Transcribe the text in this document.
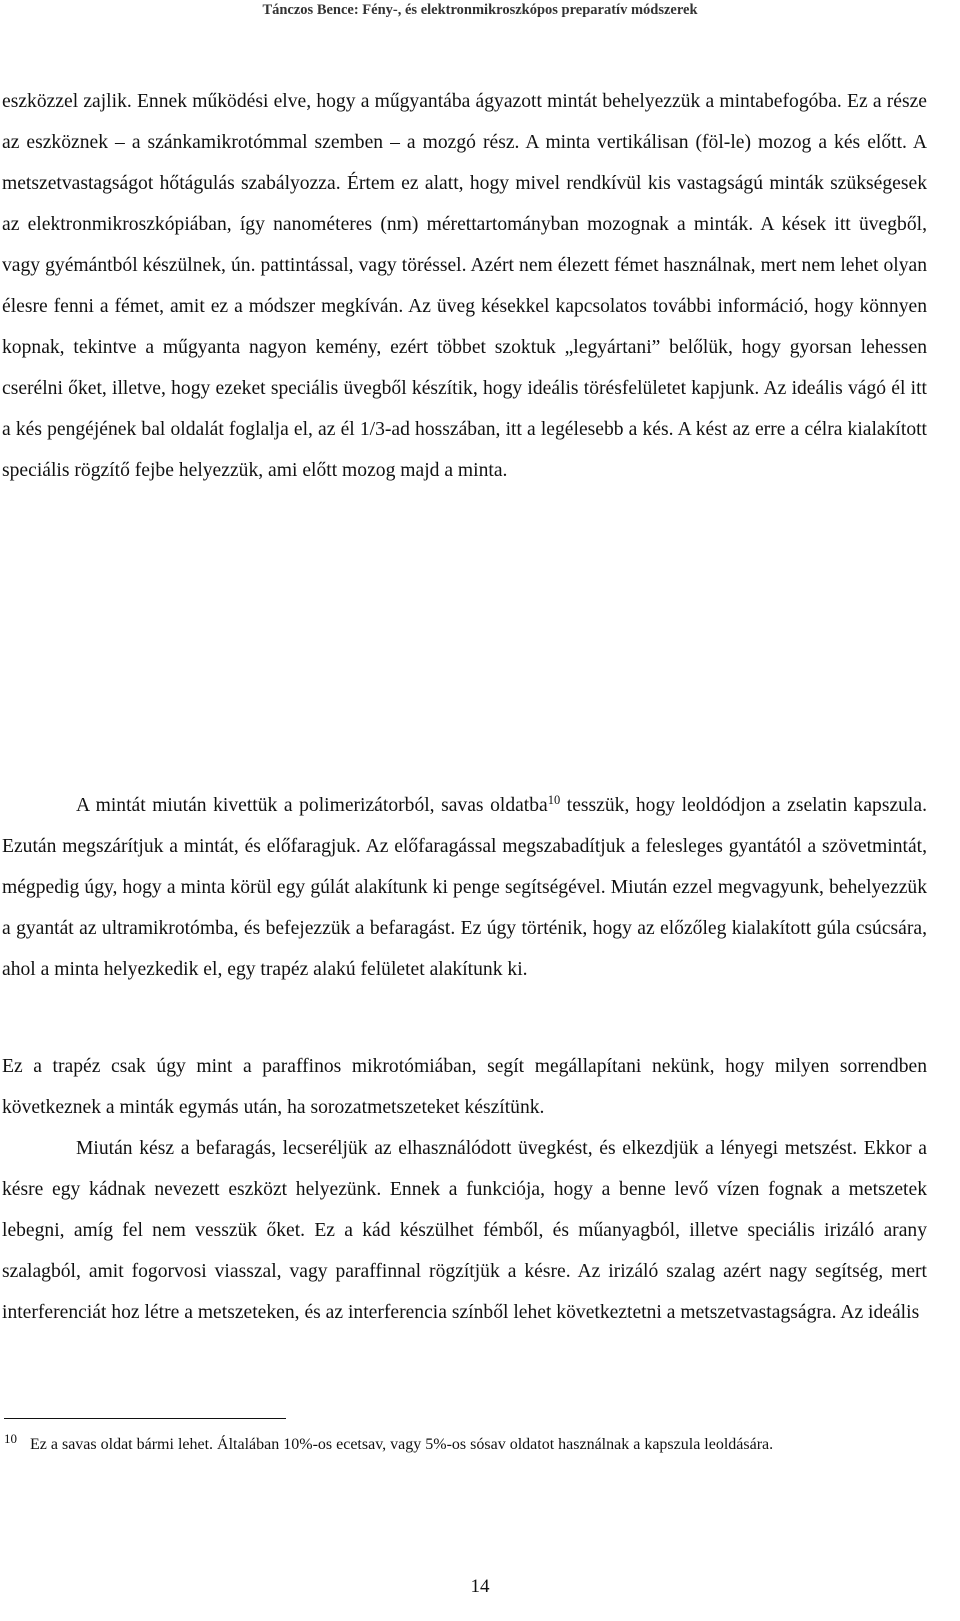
Tánczos Bence: Fény-, és elektronmikroszkópos preparatív módszerek

eszközzel zajlik. Ennek működési elve, hogy a műgyantába ágyazott mintát behelyezzük a mintabefogóba. Ez a része az eszköznek – a szánkamikrotómmal szemben – a mozgó rész. A minta vertikálisan (föl-le) mozog a kés előtt. A metszetvastagságot hőtágulás szabályozza. Értem ez alatt, hogy mivel rendkívül kis vastagságú minták szükségesek az elektronmikroszkópiában, így nanométeres (nm) mérettartományban mozognak a minták. A kések itt üvegből, vagy gyémántból készülnek, ún. pattintással, vagy töréssel. Azért nem élezett fémet használnak, mert nem lehet olyan élesre fenni a fémet, amit ez a módszer megkíván. Az üveg késekkel kapcsolatos további információ, hogy könnyen kopnak, tekintve a műgyanta nagyon kemény, ezért többet szoktuk „legyártani” belőlük, hogy gyorsan lehessen cserélni őket, illetve, hogy ezeket speciális üvegből készítik, hogy ideális törésfelületet kapjunk. Az ideális vágó él itt a kés pengéjének bal oldalát foglalja el, az él 1/3-ad hosszában, itt a legélesebb a kés. A kést az erre a célra kialakított speciális rögzítő fejbe helyezzük, ami előtt mozog majd a minta.

A mintát miután kivettük a polimerizátorból, savas oldatba$^{10}$ tesszük, hogy leoldódjon a zselatin kapszula. Ezután megszárítjuk a mintát, és előfaragjuk. Az előfaragással megszabadítjuk a felesleges gyantától a szövetmintát, mégpedig úgy, hogy a minta körül egy gúlát alakítunk ki penge segítségével. Miután ezzel megvagyunk, behelyezzük a gyantát az ultramikrotómba, és befejezzük a befaragást. Ez úgy történik, hogy az előzőleg kialakított gúla csúcsára, ahol a minta helyezkedik el, egy trapéz alakú felületet alakítunk ki.

Ez a trapéz csak úgy mint a paraffinos mikrotómiában, segít megállapítani nekünk, hogy milyen sorrendben következnek a minták egymás után, ha sorozatmetszeteket készítünk.

Miután kész a befaragás, lecseréljük az elhasználódott üvegkést, és elkezdjük a lényegi metszést. Ekkor a késre egy kádnak nevezett eszközt helyezünk. Ennek a funkciója, hogy a benne levő vízen fognak a metszetek lebegni, amíg fel nem vesszük őket. Ez a kád készülhet fémből, és műanyagból, illetve speciális irizáló arany szalagból, amit fogorvosi viasszal, vagy paraffinnal rögzítjük a késre. Az irizáló szalag azért nagy segítség, mert interferenciát hoz létre a metszeteken, és az interferencia színből lehet következtetni a metszetvastagságra. Az ideális

10 Ez a savas oldat bármi lehet. Általában 10%-os ecetsav, vagy 5%-os sósav oldatot használnak a kapszula leoldására.
14
